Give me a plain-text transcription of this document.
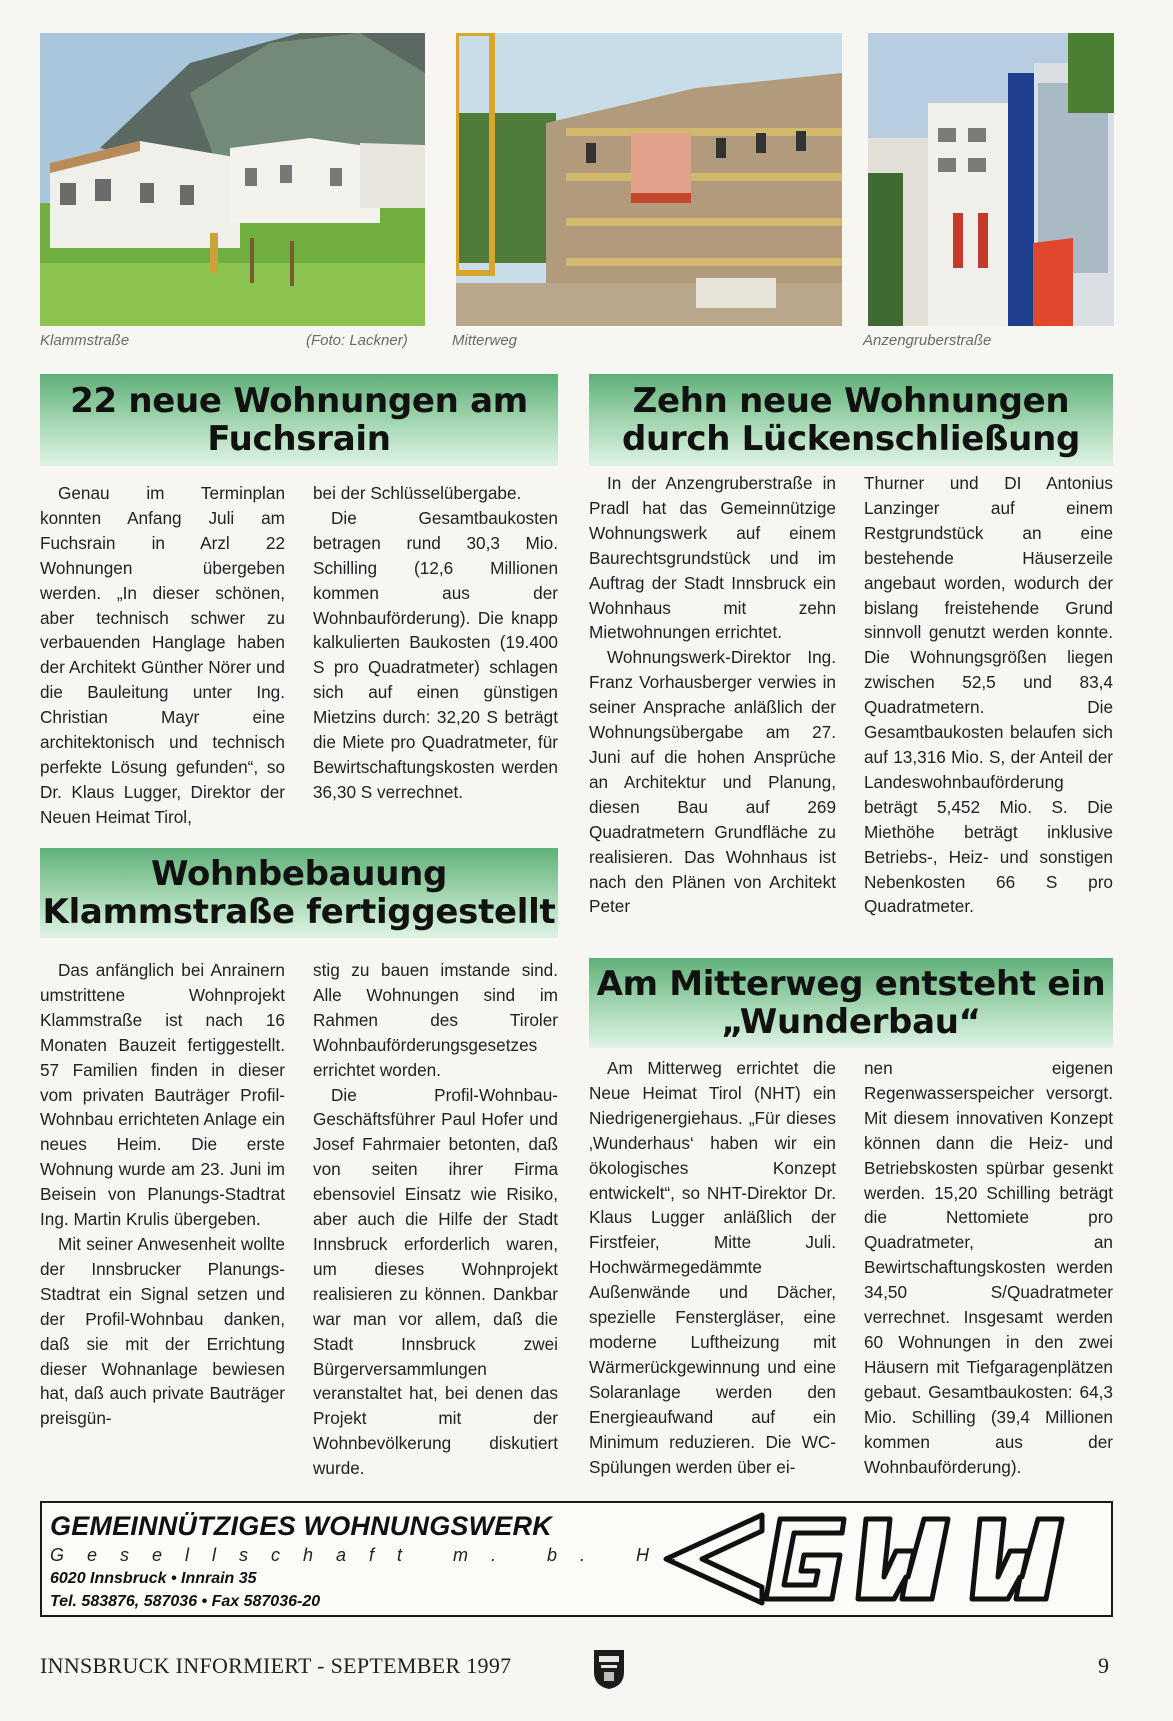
Klammstraße	(Foto: Lackner)	Mitterweg	Anzengruberstraße
22 neue Wohnungen am
Fuchsrain

Genau im Terminplan konnten Anfang Juli am Fuchsrain in Arzl 22 Wohnungen übergeben werden. „In dieser schönen, aber technisch schwer zu verbauenden Hanglage haben der Architekt Günther Nörer und die Bauleitung unter Ing. Christian Mayr eine architektonisch und technisch perfekte Lösung gefunden“, so Dr. Klaus Lugger, Direktor der Neuen Heimat Tirol,

bei der Schlüsselübergabe.

Die Gesamtbaukosten betragen rund 30,3 Mio. Schilling (12,6 Millionen kommen aus der Wohnbauförderung). Die knapp kalkulierten Baukosten (19.400 S pro Quadratmeter) schlagen sich auf einen günstigen Mietzins durch: 32,20 S beträgt die Miete pro Quadratmeter, für Bewirtschaftungskosten werden 36,30 S verrechnet.

Zehn neue Wohnungen
durch Lückenschließung

In der Anzengruberstraße in Pradl hat das Gemeinnützige Wohnungswerk auf einem Baurechtsgrundstück und im Auftrag der Stadt Innsbruck ein Wohnhaus mit zehn Mietwohnungen errichtet.

Wohnungswerk-Direktor Ing. Franz Vorhausberger verwies in seiner Ansprache anläßlich der Wohnungsübergabe am 27. Juni auf die hohen Ansprüche an Architektur und Planung, diesen Bau auf 269 Quadratmetern Grundfläche zu realisieren. Das Wohnhaus ist nach den Plänen von Architekt Peter

Thurner und DI Antonius Lanzinger auf einem Restgrundstück an eine bestehende Häuserzeile angebaut worden, wodurch der bislang freistehende Grund sinnvoll genutzt werden konnte. Die Wohnungsgrößen liegen zwischen 52,5 und 83,4 Quadratmetern. Die Gesamtbaukosten belaufen sich auf 13,316 Mio. S, der Anteil der Landeswohnbauförderung beträgt 5,452 Mio. S. Die Miethöhe beträgt inklusive Betriebs-, Heiz- und sonstigen Nebenkosten 66 S pro Quadratmeter.

Wohnbebauung
Klammstraße fertiggestellt

Das anfänglich bei Anrainern umstrittene Wohnprojekt Klammstraße ist nach 16 Monaten Bauzeit fertiggestellt. 57 Familien finden in dieser vom privaten Bauträger Profil-Wohnbau errichteten Anlage ein neues Heim. Die erste Wohnung wurde am 23. Juni im Beisein von Planungs-Stadtrat Ing. Martin Krulis übergeben.

Mit seiner Anwesenheit wollte der Innsbrucker Planungs-Stadtrat ein Signal setzen und der Profil-Wohnbau danken, daß sie mit der Errichtung dieser Wohnanlage bewiesen hat, daß auch private Bauträger preisgün-

stig zu bauen imstande sind. Alle Wohnungen sind im Rahmen des Tiroler Wohnbauförderungsgesetzes errichtet worden.

Die Profil-Wohnbau-Geschäftsführer Paul Hofer und Josef Fahrmaier betonten, daß von seiten ihrer Firma ebensoviel Einsatz wie Risiko, aber auch die Hilfe der Stadt Innsbruck erforderlich waren, um dieses Wohnprojekt realisieren zu können. Dankbar war man vor allem, daß die Stadt Innsbruck zwei Bürgerversammlungen veranstaltet hat, bei denen das Projekt mit der Wohnbevölkerung diskutiert wurde.

Am Mitterweg entsteht ein
„Wunderbau“

Am Mitterweg errichtet die Neue Heimat Tirol (NHT) ein Niedrigenergiehaus. „Für dieses ‚Wunderhaus‘ haben wir ein ökologisches Konzept entwickelt“, so NHT-Direktor Dr. Klaus Lugger anläßlich der Firstfeier, Mitte Juli. Hochwärmegedämmte Außenwände und Dächer, spezielle Fenstergläser, eine moderne Luftheizung mit Wärmerückgewinnung und eine Solaranlage werden den Energieaufwand auf ein Minimum reduzieren. Die WC-Spülungen werden über ei-

nen eigenen Regenwasserspeicher versorgt. Mit diesem innovativen Konzept können dann die Heiz- und Betriebskosten spürbar gesenkt werden. 15,20 Schilling beträgt die Nettomiete pro Quadratmeter, an Bewirtschaftungskosten werden 34,50 S/Quadratmeter verrechnet. Insgesamt werden 60 Wohnungen in den zwei Häusern mit Tiefgaragenplätzen gebaut. Gesamtbaukosten: 64,3 Mio. Schilling (39,4 Millionen kommen aus der Wohnbauförderung).

GEMEINNÜTZIGES WOHNUNGSWERK
Gesellschaft m. b. H.
6020 Innsbruck • Innrain 35
Tel. 583876, 587036 • Fax 587036-20
INNSBRUCK INFORMIERT - SEPTEMBER 1997	9
